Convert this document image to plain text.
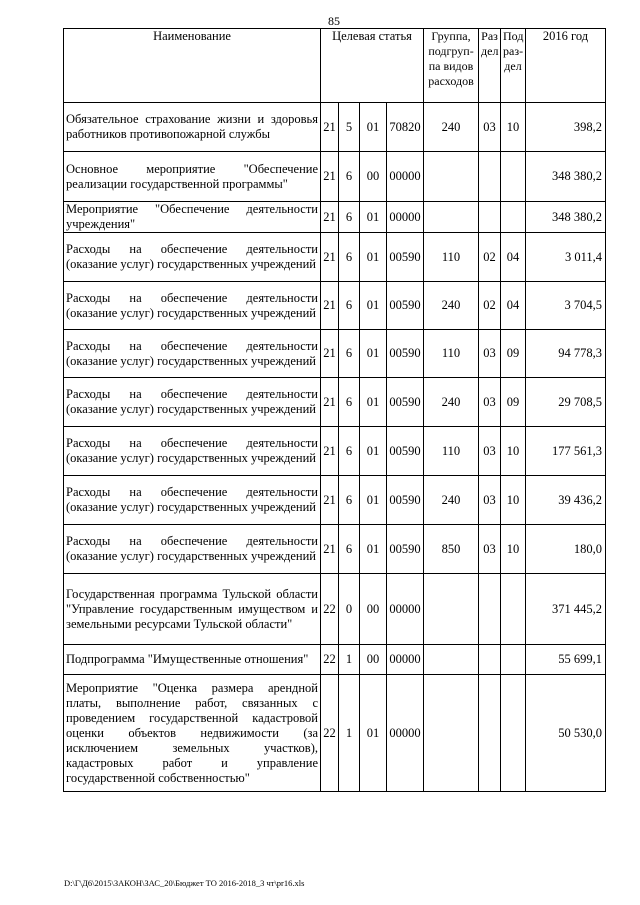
85
Наименование	Целевая статья				Группа, подгруп- па видов расходов	Раз дел	Под раз- дел	2016 год
Обязательное страхование жизни и здоровья работников противопожарной службы	21	5	01	70820	240	03	10	398,2
Основное мероприятие "Обеспечение реализации государственной программы"	21	6	00	00000				348 380,2
Мероприятие "Обеспечение деятельности учреждения"	21	6	01	00000				348 380,2
Расходы на обеспечение деятельности (оказание услуг) государственных учреждений	21	6	01	00590	110	02	04	3 011,4
Расходы на обеспечение деятельности (оказание услуг) государственных учреждений	21	6	01	00590	240	02	04	3 704,5
Расходы на обеспечение деятельности (оказание услуг) государственных учреждений	21	6	01	00590	110	03	09	94 778,3
Расходы на обеспечение деятельности (оказание услуг) государственных учреждений	21	6	01	00590	240	03	09	29 708,5
Расходы на обеспечение деятельности (оказание услуг) государственных учреждений	21	6	01	00590	110	03	10	177 561,3
Расходы на обеспечение деятельности (оказание услуг) государственных учреждений	21	6	01	00590	240	03	10	39 436,2
Расходы на обеспечение деятельности (оказание услуг) государственных учреждений	21	6	01	00590	850	03	10	180,0
Государственная программа Тульской области "Управление государственным имуществом и земельными ресурсами Тульской области"	22	0	00	00000				371 445,2
Подпрограмма "Имущественные отношения"	22	1	00	00000				55 699,1
Мероприятие "Оценка размера арендной платы, выполнение работ, связанных с проведением государственной кадастровой оценки объектов недвижимости (за исключением земельных участков), кадастровых работ и управление государственной собственностью"	22	1	01	00000				50 530,0
D:\Г\Д6\2015\ЗАКОН\ЗАС_20\Бюджет ТО 2016-2018_3 чт\pr16.xls
